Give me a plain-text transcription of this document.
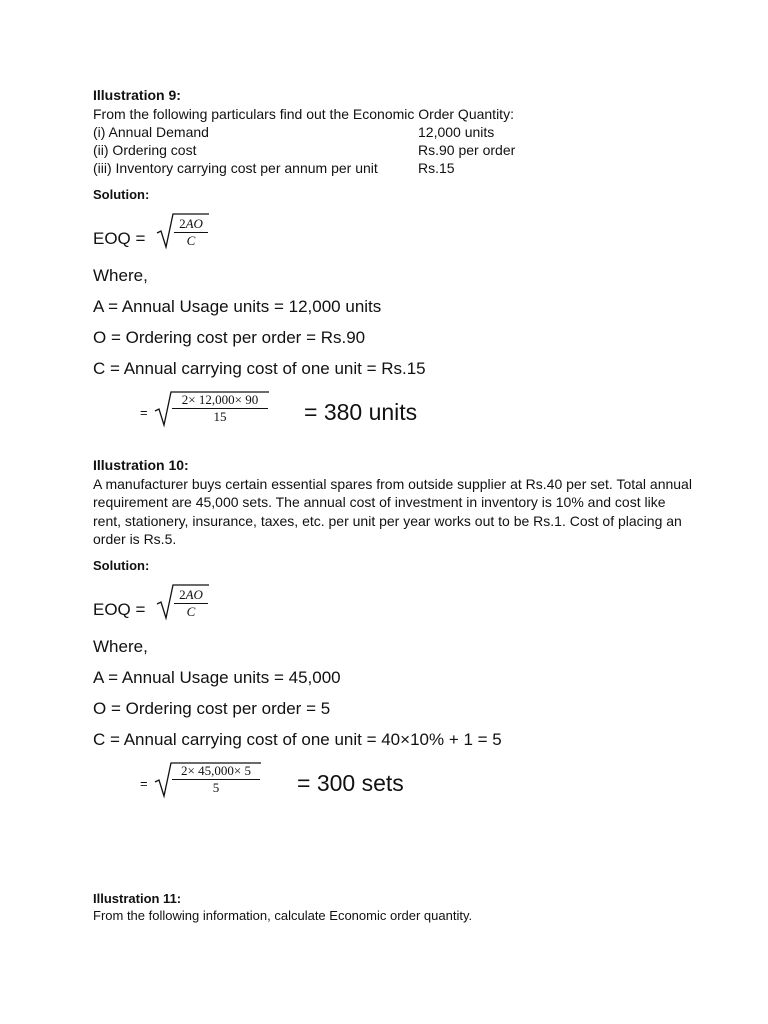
Illustration 9:
From the following particulars find out the Economic Order Quantity:
(i) Annual Demand	12,000 units
(ii) Ordering cost	Rs.90 per order
(iii) Inventory carrying cost per annum per unit	Rs.15
Solution:
EOQ =
2AO
C
Where,
A = Annual Usage units = 12,000 units
O = Ordering cost per order = Rs.90
C = Annual carrying cost of one unit = Rs.15
=
2× 12,000× 90
15	= 380 units
Illustration 10:
A manufacturer buys certain essential spares from outside supplier at Rs.40 per set. Total annual requirement are 45,000 sets. The annual cost of investment in inventory is 10% and cost like rent, stationery, insurance, taxes, etc. per unit per year works out to be Rs.1. Cost of placing an order is Rs.5.
Solution:
EOQ =
2AO
C
Where,
A = Annual Usage units = 45,000
O = Ordering cost per order = 5
C = Annual carrying cost of one unit = 40×10% + 1 = 5
=
2× 45,000× 5
5	= 300 sets
Illustration 11:
From the following information, calculate Economic order quantity.
